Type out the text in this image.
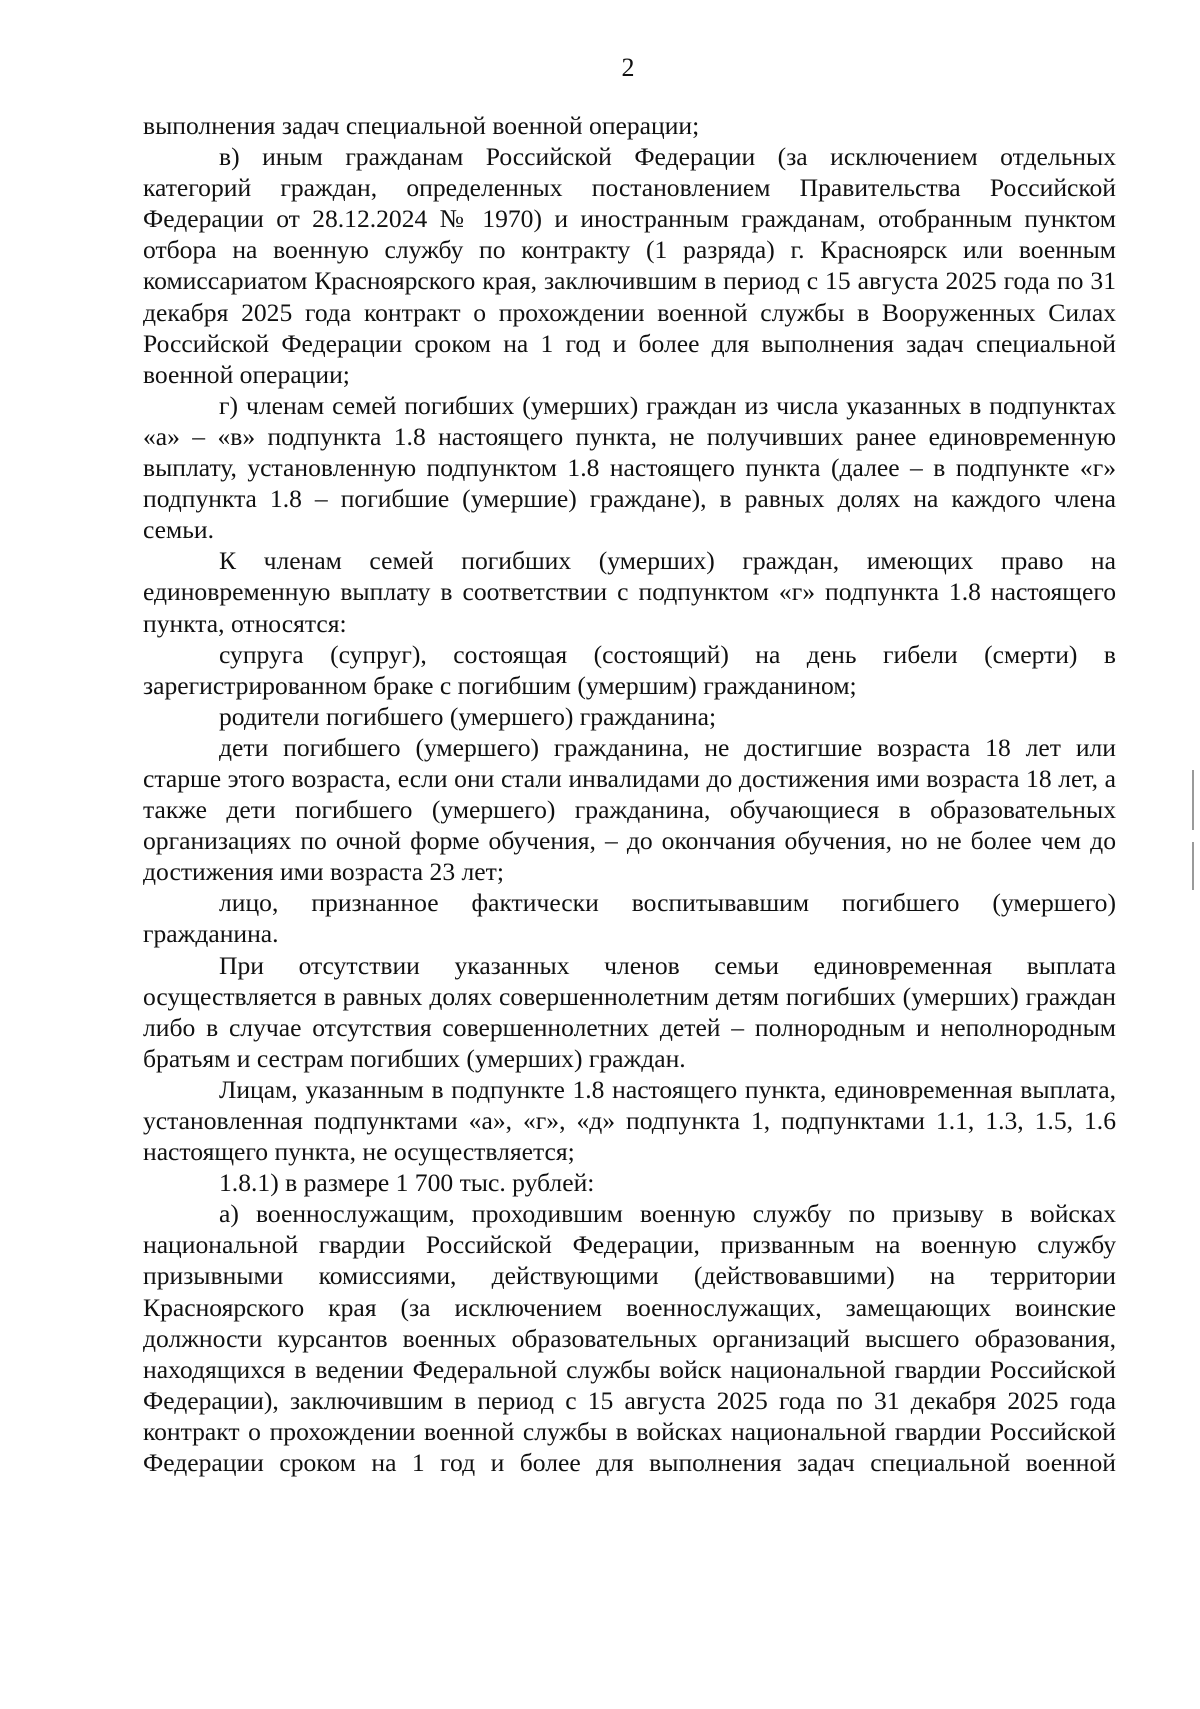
2

выполнения задач специальной военной операции;

в) иным гражданам Российской Федерации (за исключением отдельных категорий граждан, определенных постановлением Правительства Российской Федерации от 28.12.2024 № 1970) и иностранным гражданам, отобранным пунктом отбора на военную службу по контракту (1 разряда) г. Красноярск или военным комиссариатом Красноярского края, заключившим в период с 15 августа 2025 года по 31 декабря 2025 года контракт о прохождении военной службы в Вооруженных Силах Российской Федерации сроком на 1 год и более для выполнения задач специальной военной операции;

г) членам семей погибших (умерших) граждан из числа указанных в подпунктах «а» – «в» подпункта 1.8 настоящего пункта, не получивших ранее единовременную выплату, установленную подпунктом 1.8 настоящего пункта (далее – в подпункте «г» подпункта 1.8 – погибшие (умершие) граждане), в равных долях на каждого члена семьи.

К членам семей погибших (умерших) граждан, имеющих право на единовременную выплату в соответствии с подпунктом «г» подпункта 1.8 настоящего пункта, относятся:

супруга (супруг), состоящая (состоящий) на день гибели (смерти) в зарегистрированном браке с погибшим (умершим) гражданином;

родители погибшего (умершего) гражданина;

дети погибшего (умершего) гражданина, не достигшие возраста 18 лет или старше этого возраста, если они стали инвалидами до достижения ими возраста 18 лет, а также дети погибшего (умершего) гражданина, обучающиеся в образовательных организациях по очной форме обучения, – до окончания обучения, но не более чем до достижения ими возраста 23 лет;

лицо, признанное фактически воспитывавшим погибшего (умершего) гражданина.

При отсутствии указанных членов семьи единовременная выплата осуществляется в равных долях совершеннолетним детям погибших (умерших) граждан либо в случае отсутствия совершеннолетних детей – полнородным и неполнородным братьям и сестрам погибших (умерших) граждан.

Лицам, указанным в подпункте 1.8 настоящего пункта, единовременная выплата, установленная подпунктами «а», «г», «д» подпункта 1, подпунктами 1.1, 1.3, 1.5, 1.6 настоящего пункта, не осуществляется;

1.8.1) в размере 1 700 тыс. рублей:

а) военнослужащим, проходившим военную службу по призыву в войсках национальной гвардии Российской Федерации, призванным на военную службу призывными комиссиями, действующими (действовавшими) на территории Красноярского края (за исключением военнослужащих, замещающих воинские должности курсантов военных образовательных организаций высшего образования, находящихся в ведении Федеральной службы войск национальной гвардии Российской Федерации), заключившим в период с 15 августа 2025 года по 31 декабря 2025 года контракт о прохождении военной службы в войсках национальной гвардии Российской Федерации сроком на 1 год и более для выполнения задач специальной военной
